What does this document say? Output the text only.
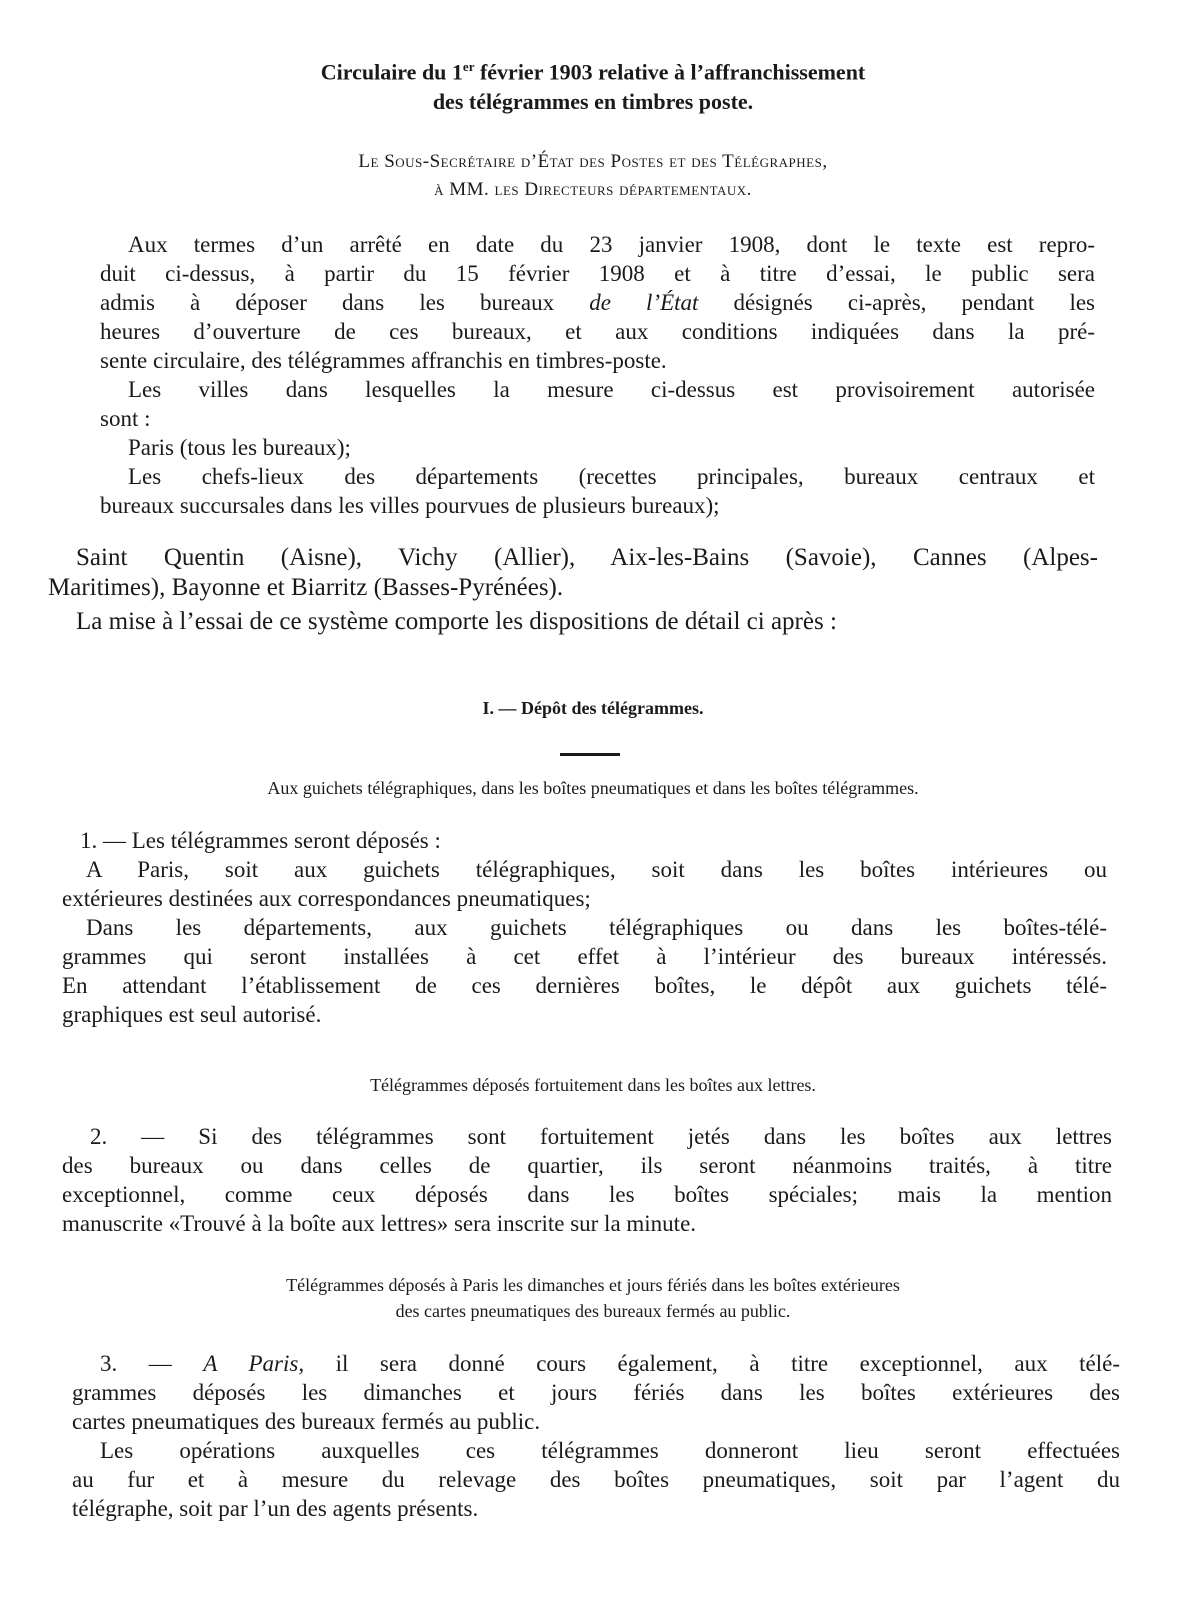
Circulaire du 1er février 1903 relative à l’affranchissement
des télégrammes en timbres poste.
Le Sous-Secrétaire d’État des Postes et des Télégraphes,
à MM. les Directeurs départementaux.
Aux termes d’un arrêté en date du 23 janvier 1908, dont le texte est repro-
duit ci-dessus, à partir du 15 février 1908 et à titre d’essai, le public sera
admis à déposer dans les bureaux de l’État désignés ci-après, pendant les
heures d’ouverture de ces bureaux, et aux conditions indiquées dans la pré-
sente circulaire, des télégrammes affranchis en timbres-poste.
Les villes dans lesquelles la mesure ci-dessus est provisoirement autorisée
sont :
Paris (tous les bureaux);
Les chefs-lieux des départements (recettes principales, bureaux centraux et
bureaux succursales dans les villes pourvues de plusieurs bureaux);
Saint Quentin (Aisne), Vichy (Allier), Aix-les-Bains (Savoie), Cannes (Alpes-
Maritimes), Bayonne et Biarritz (Basses-Pyrénées).
La mise à l’essai de ce système comporte les dispositions de détail ci après :
I. — Dépôt des télégrammes.
Aux guichets télégraphiques, dans les boîtes pneumatiques et dans les boîtes télégrammes.
1. — Les télégrammes seront déposés :
A Paris, soit aux guichets télégraphiques, soit dans les boîtes intérieures ou
extérieures destinées aux correspondances pneumatiques;
Dans les départements, aux guichets télégraphiques ou dans les boîtes-télé-
grammes qui seront installées à cet effet à l’intérieur des bureaux intéressés.
En attendant l’établissement de ces dernières boîtes, le dépôt aux guichets télé-
graphiques est seul autorisé.
Télégrammes déposés fortuitement dans les boîtes aux lettres.
2. — Si des télégrammes sont fortuitement jetés dans les boîtes aux lettres
des bureaux ou dans celles de quartier, ils seront néanmoins traités, à titre
exceptionnel, comme ceux déposés dans les boîtes spéciales; mais la mention
manuscrite «Trouvé à la boîte aux lettres» sera inscrite sur la minute.
Télégrammes déposés à Paris les dimanches et jours fériés dans les boîtes extérieures
des cartes pneumatiques des bureaux fermés au public.
3. — A Paris, il sera donné cours également, à titre exceptionnel, aux télé-
grammes déposés les dimanches et jours fériés dans les boîtes extérieures des
cartes pneumatiques des bureaux fermés au public.
Les opérations auxquelles ces télégrammes donneront lieu seront effectuées
au fur et à mesure du relevage des boîtes pneumatiques, soit par l’agent du
télégraphe, soit par l’un des agents présents.
